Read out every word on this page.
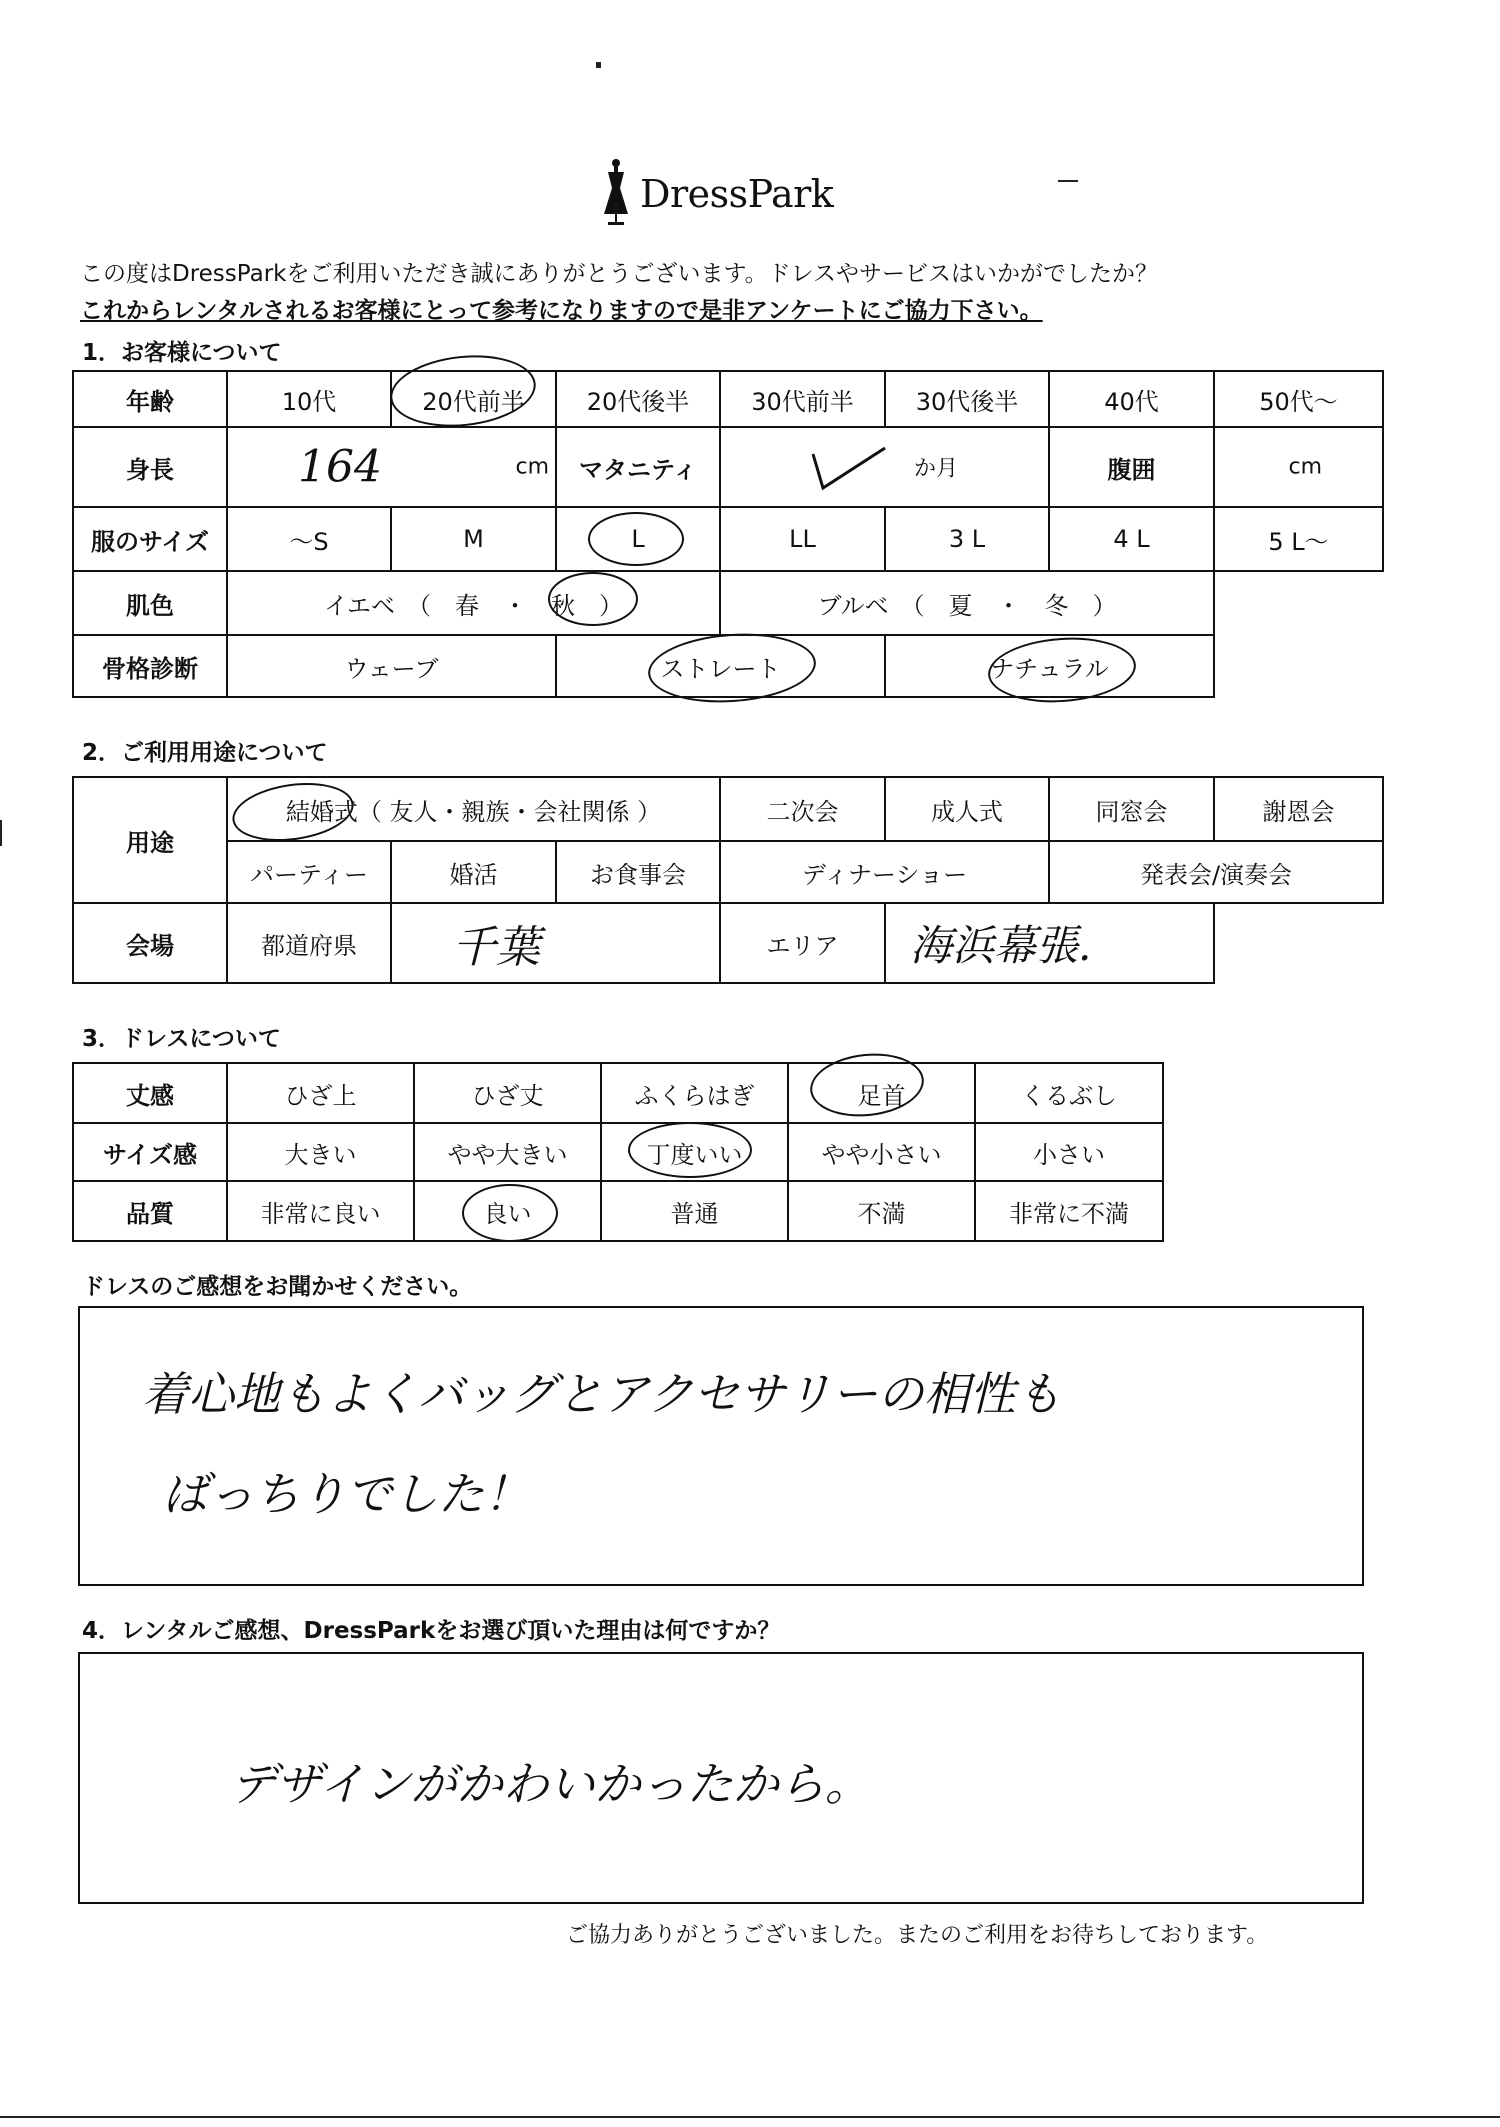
DressPark
この度はDressParkをご利用いただき誠にありがとうございます。ドレスやサービスはいかがでしたか？
これからレンタルされるお客様にとって参考になりますので是非アンケートにご協力下さい。
1．お客様について
年齢	10代	20代前半	20代後半	30代前半	30代後半	40代	50代～
身長	164 cm		マタニティ	か月		腹囲	cm

服のサイズ	～S	M	L	LL	3 L	4 L	5 L～
肌色	イエベ　（　春　・　秋　）			ブルベ　（　夏　・　冬　）			
骨格診断	ウェーブ		ストレート		ナチュラル		
2．ご利用用途について
用途	結婚式（ 友人・親族・会社関係 ）			二次会	成人式	同窓会	謝恩会
	パーティー	婚活	お食事会	ディナーショー		発表会/演奏会	
会場	都道府県	千葉		エリア	海浜幕張.		

3．ドレスについて
丈感	ひざ上	ひざ丈	ふくらはぎ	足首	くるぶし
サイズ感	大きい	やや大きい	丁度いい	やや小さい	小さい
品質	非常に良い	良い	普通	不満	非常に不満
ドレスのご感想をお聞かせください。
着心地もよくバッグとアクセサリーの相性も
ばっちりでした！
4．レンタルご感想、DressParkをお選び頂いた理由は何ですか？
デザインがかわいかったから。
ご協力ありがとうございました。またのご利用をお待ちしております。
